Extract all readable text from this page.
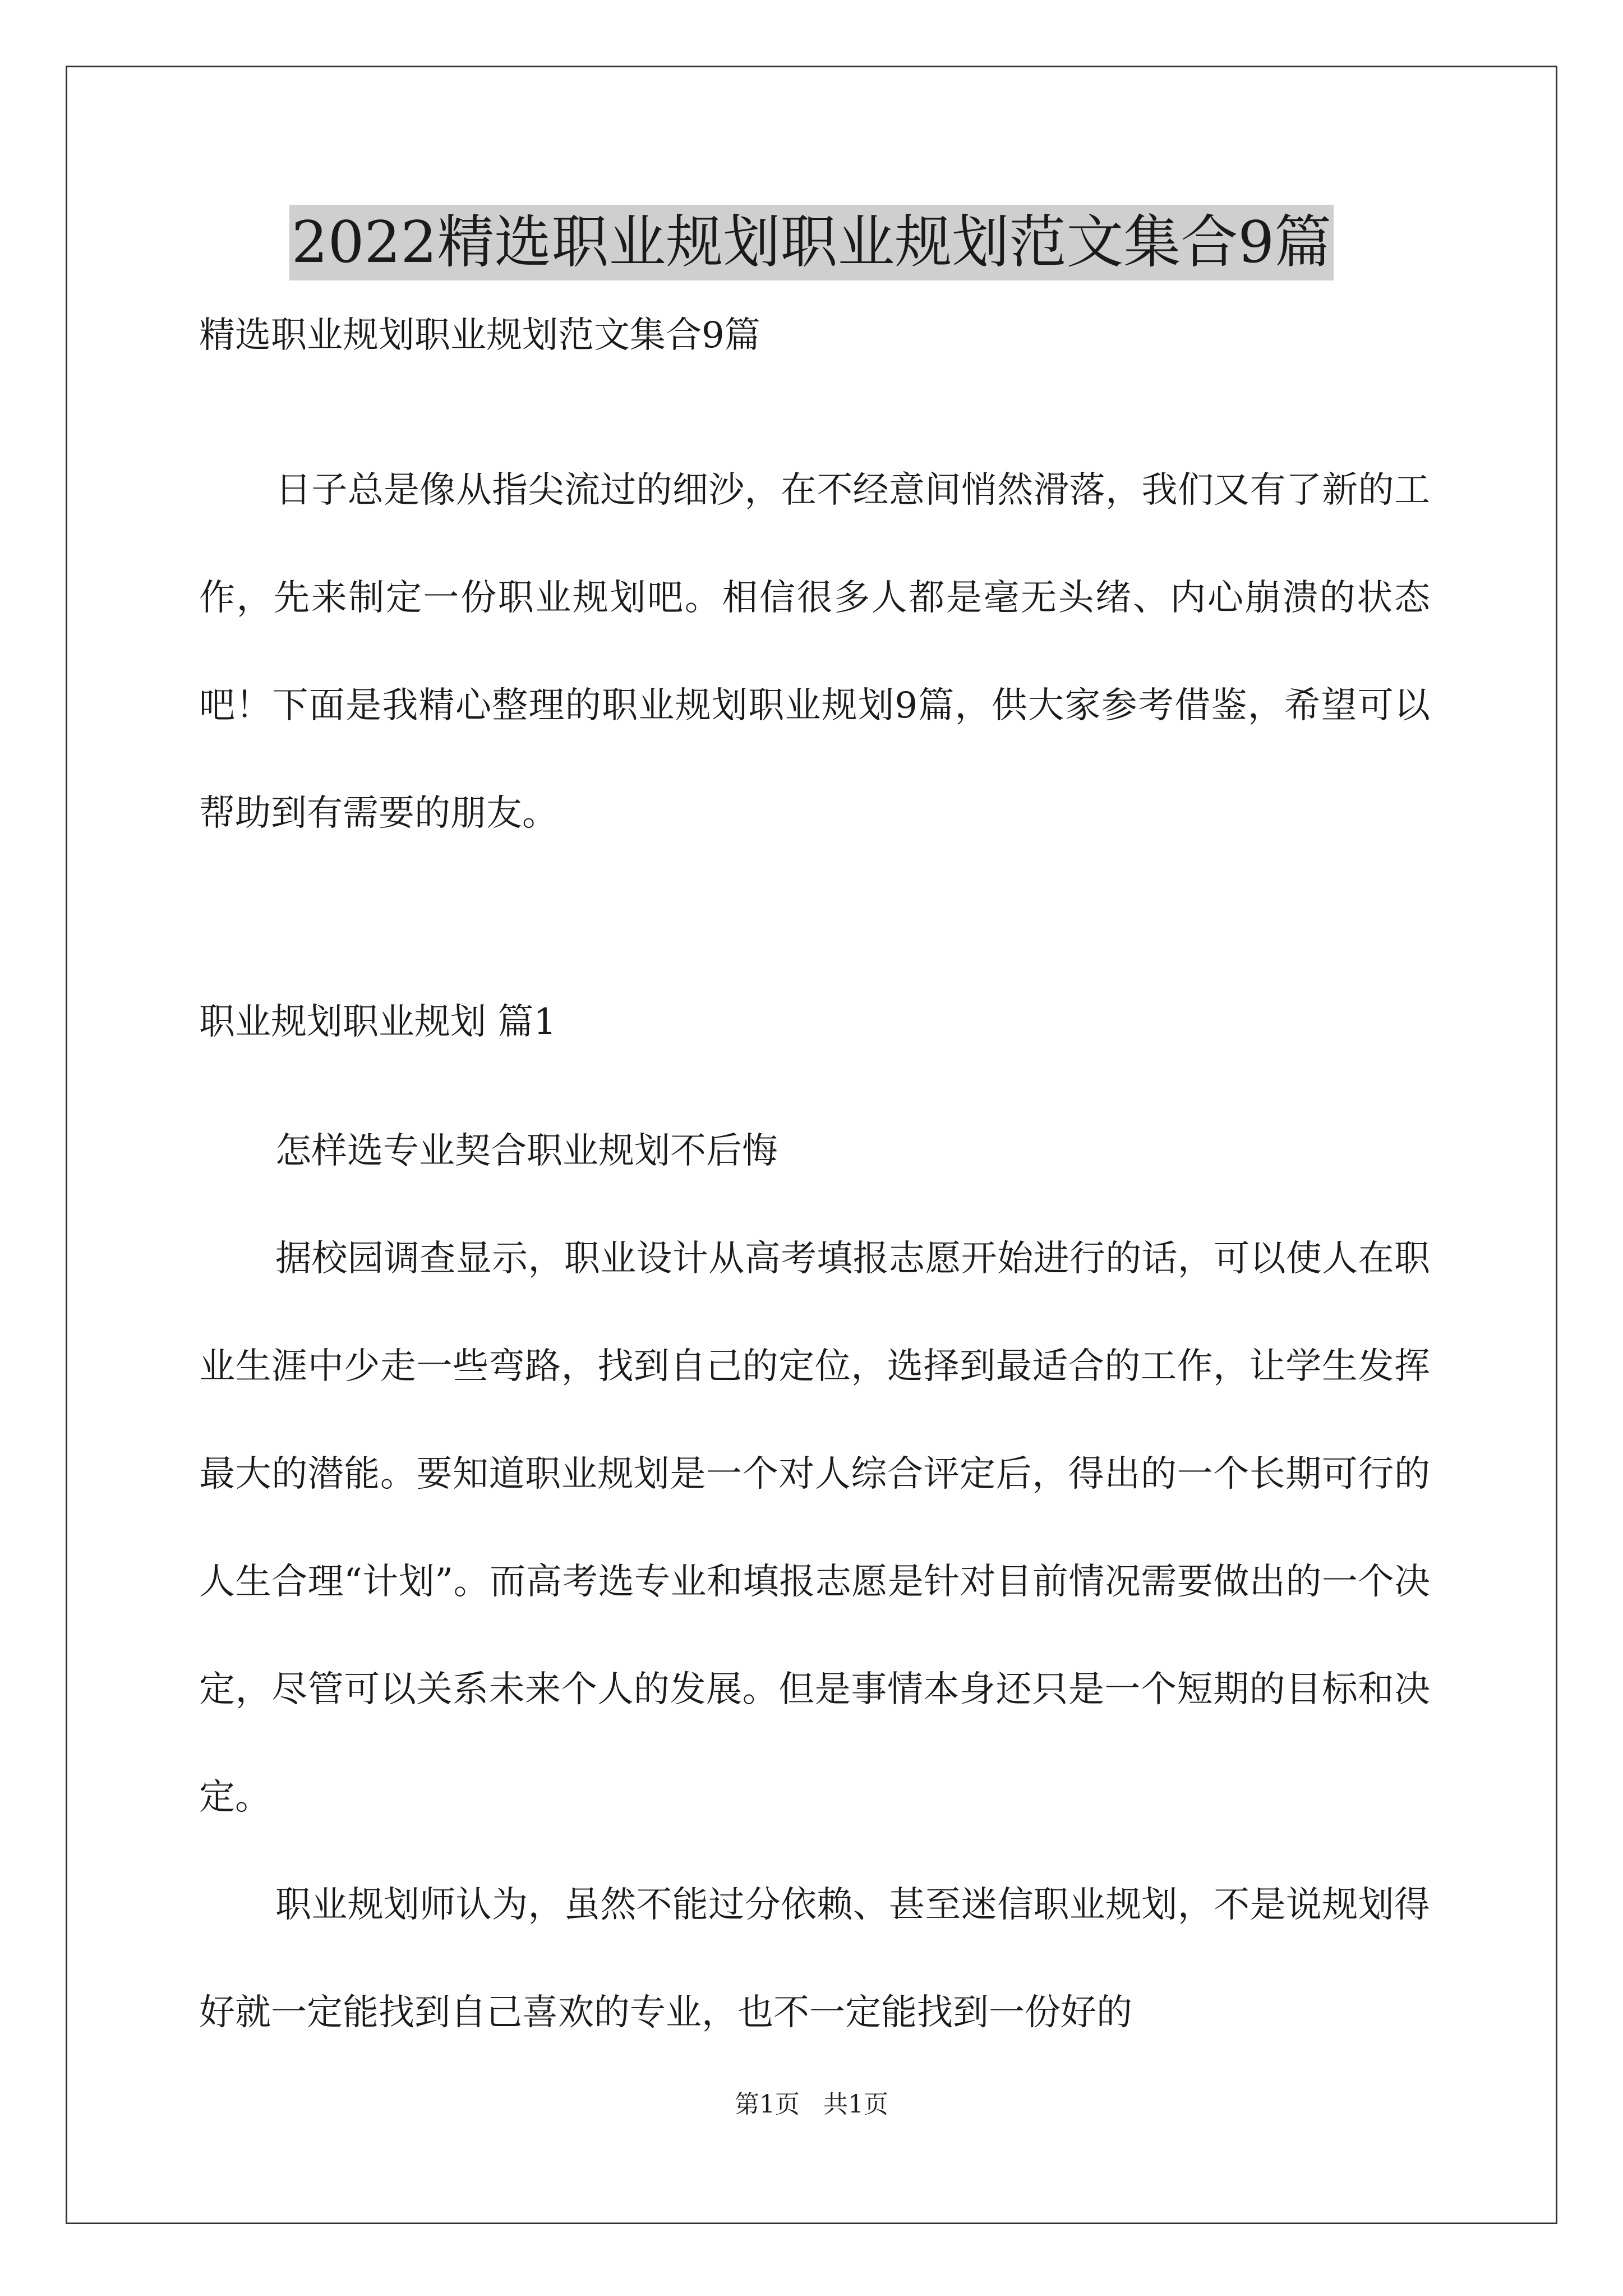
2022精选职业规划职业规划范文集合9篇
精选职业规划职业规划范文集合9篇

日子总是像从指尖流过的细沙，在不经意间悄然滑落，我们又有了新的工作，先来制定一份职业规划吧。相信很多人都是毫无头绪、内心崩溃的状态吧！下面是我精心整理的职业规划职业规划9篇，供大家参考借鉴，希望可以帮助到有需要的朋友。

职业规划职业规划 篇1

怎样选专业契合职业规划不后悔

据校园调查显示，职业设计从高考填报志愿开始进行的话，可以使人在职业生涯中少走一些弯路，找到自己的定位，选择到最适合的工作，让学生发挥最大的潜能。要知道职业规划是一个对人综合评定后，得出的一个长期可行的人生合理“计划”。而高考选专业和填报志愿是针对目前情况需要做出的一个决定，尽管可以关系未来个人的发展。但是事情本身还只是一个短期的目标和决定。

职业规划师认为，虽然不能过分依赖、甚至迷信职业规划，不是说规划得好就一定能找到自己喜欢的专业，也不一定能找到一份好的

第1页   共1页
